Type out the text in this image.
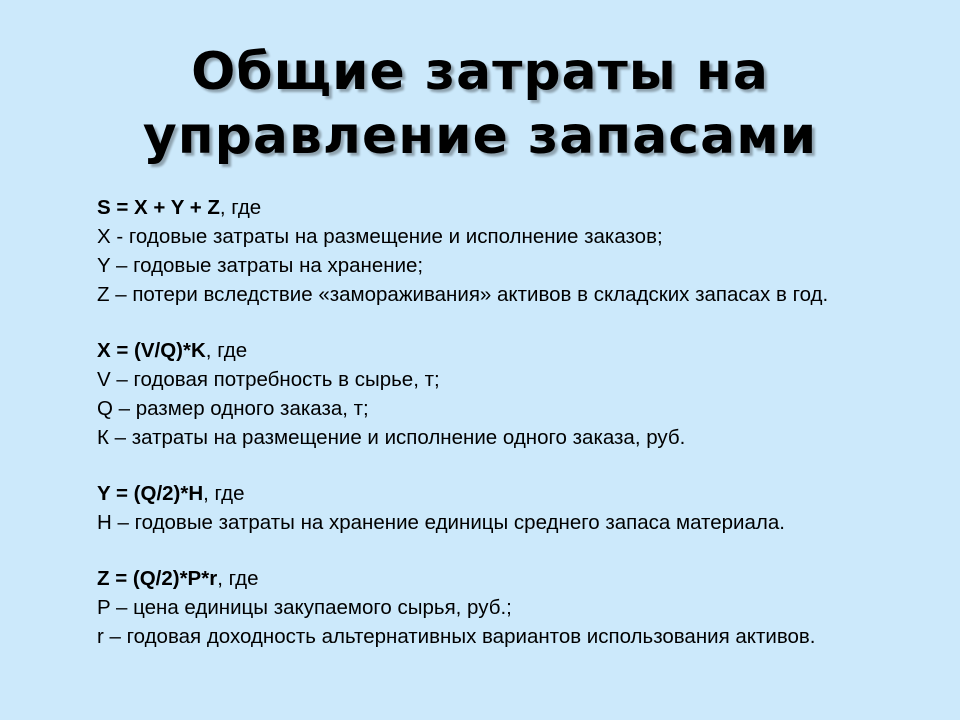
Общие затраты на
управление запасами
S = X + Y + Z, где
X - годовые затраты на размещение и исполнение заказов;
Y – годовые затраты на хранение;
Z – потери вследствие «замораживания» активов в складских запасах в год.
X = (V/Q)*K, где
V – годовая потребность в сырье, т;
Q – размер одного заказа, т;
К – затраты на размещение и исполнение одного заказа, руб.
Y = (Q/2)*H, где
H – годовые затраты на хранение единицы среднего запаса материала.
Z = (Q/2)*P*r, где
P – цена единицы закупаемого сырья, руб.;
r – годовая доходность альтернативных вариантов использования активов.
